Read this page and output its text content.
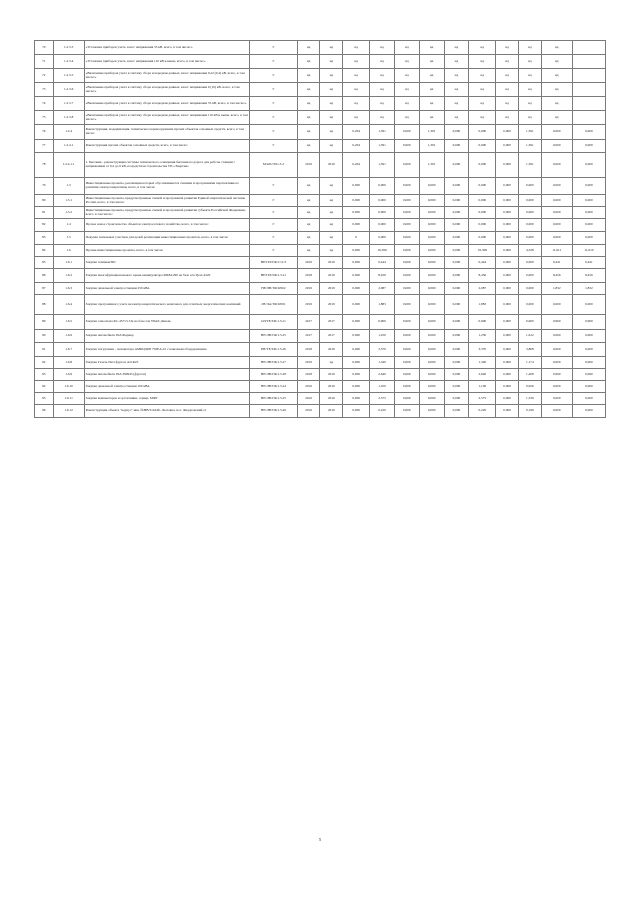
70	1.2.3.3	«Установка приборов учета, класс напряжения 35 кВ, всего, в том числе:»	Г	нд	нд	нд	нд	нд	нд	нд	нд	нд	нд	нд	
71	1.2.3.4	«Установка приборов учета, класс напряжения 110 кВ и выше, всего, в том числе:»	Г	нд	нд	нд	нд	нд	нд	нд	нд	нд	нд	нд	
72	1.2.3.5	«Включение приборов учета в систему сбора и передачи данных, класс напряжения 0,22 (0,4) кВ, всего, в том числе:»	Г	нд	нд	нд	нд	нд	нд	нд	нд	нд	нд	нд	
73	1.2.3.6	«Включение приборов учета в систему сбора и передачи данных, класс напряжения 6 (10) кВ, всего, в том числе:»	Г	нд	нд	нд	нд	нд	нд	нд	нд	нд	нд	нд	
74	1.2.3.7	«Включение приборов учета в систему сбора и передачи данных, класс напряжения 35 кВ, всего, в том числе:»	Г	нд	нд	нд	нд	нд	нд	нд	нд	нд	нд	нд	
75	1.2.3.8	«Включение приборов учета в систему сбора и передачи данных, класс напряжения 110 кВ и выше, всего, в том числе:»	Г	нд	нд	нд	нд	нд	нд	нд	нд	нд	нд	нд	
76	1.2.4	Реконструкция, модернизация, техническое перевооружение прочих объектов основных средств, всего, в том числе:	Г	нд	нд	0,204	1,391	0,000	1,391	0,000	0,000	0,000	1,391	0,000	0,000
77	1.2.4.1	Реконструкция прочих объектов основных средств, всего, в том числе:	Г	нд	нд	0,204	1,391	0,000	1,391	0,000	0,000	0,000	1,391	0,000	0,000
78	1.2.4.1.1	1. Бытовки - реконструкция системы технического освещения бытовки на дороге для работы станции с напряжением от 0,4 до 6 кВ, посредством строительства ТП «Энергия»	М/ОЛ/ЭО1.3.2	2019	2019	0,204	1,391	0,000	1,391	0,000	0,000	0,000	1,391	0,000	0,000
79	1.3	Инвестиционные проекты, реализация которых обуславливается схемами и программами перспективного развития электроэнергетики, всего, в том числе:	Г	нд	нд	0,000	0,000	0,000	0,000	0,000	0,000	0,000	0,000	0,000	0,000
80	1.3.1	Инвестиционные проекты, предусмотренные схемой и программой развития Единой энергетической системы России, всего, в том числе:	Г	нд	нд	0,000	0,000	0,000	0,000	0,000	0,000	0,000	0,000	0,000	0,000
81	1.3.2	Инвестиционные проекты, предусмотренные схемой и программой развития субъекта Российской Федерации, всего, в том числе:	Г	нд	нд	0,000	0,000	0,000	0,000	0,000	0,000	0,000	0,000	0,000	0,000
82	1.4	Прочее новое строительство объектов электросетевого хозяйства, всего, в том числе:	Г	нд	нд	0,000	0,000	0,000	0,000	0,000	0,000	0,000	0,000	0,000	0,000
83	1.5	Покупка земельных участков для целей реализации инвестиционных проектов, всего, в том числе:	Г	нд	нд	0	0,000	0,000	0,000	0,000	0,000	0,000	0,000	0,000	0,000
84	1.6	Прочие инвестиционные проекты, всего, в том числе:	Г	нд	нд	0,000	16,399	0,000	0,000	0,000	16,399	0,000	4,328	11,611	11,610
85	1.6.1	Закупка техники/ПО	НЕ/ПЛ/ТФ/1/11/3	2019	2019	0,000	0,444	0,000	0,000	0,000	0,444	0,000	0,000	0,441	0,441
86	1.6.2	Закупка многофункционального крана-манипулятора МКМ-290 на базе а/м Урал-4320	НЕ/ПЛ/ТФ/1.5.21	2018	2019	0,000	8,456	0,000	0,000	0,000	8,456	0,000	0,000	8,456	8,456
87	1.6.3	Закупка дизельной электростанции 250 кВА	НЕ/ЛВ/ТФ/0/002	2019	2019	0,000	2,087	0,000	0,000	0,000	2,087	0,000	0,000	1,832	1,832
88	1.6.4	Закупка программного учета неэлектроэнергетического комплекса для отчетных энергетических компаний	ЛЕ/ЛА/ТФ/0/001	2019	2019	0,000	1,883	0,000	0,000	0,000	1,883	0,000	0,000	0,000	0,000
89	1.6.5	Закупка самосвала КС-45713-3 К на базе а/м УРАЛ-Дизель	ОЛ/ТЕ/ТФ/1.5.21	2017	2017	0,000	0,900	0,000	0,000	0,000	0,900	0,000	0,000	0,900	0,900
90	1.6.6	Закупка автомобиля УАЗ-Фермер	НЕ/ЛВ/ТФ/1.5.25	2017	2017	0,000	1,250	0,000	0,000	0,000	1,250	0,000	1,612	0,000	0,000
91	1.6.7	Закупка погрузчика - экскаватора АМКОДОР 702ЕА-01 с навесным оборудованием	НЕ/ТЕ/ТФ/1.5.26	2018	2019	0,000	3,370	0,000	0,000	0,000	3,370	0,000	3,808	0,000	0,000
92	1.6.8	Закупка Газель Next фургон А21R23	НЕ/ЛВ/ТФ/1.5.27	2019	нд	0,000	1,340	0,000	0,000	0,000	1,340	0,000	1,174	0,000	0,000
93	1.6.9	Закупка автомобиля УАЗ-390945 (фургон)	НЕ/ЛВ/ТФ/1.5.28	2018	2019	0,000	2,640	0,000	0,000	0,000	2,640	0,000	1,408	0,990	0,990
94	1.6.10	Закупка дизельной электростанции 100 кВА	НЕ/ЛВ/ТФ/1.5.24	2016	2016	0,000	1,100	0,000	0,000	0,000	1,100	0,000	0,926	0,000	0,000
95	1.6.11	Закупка компьютеров и оргтехники, сервер, МФУ	НЕ/ЛВ/ТФ/1.5.25	2016	2016	0,000	2,575	0,000	0,000	0,000	2,575	0,000	1,339	0,000	0,000
96	1.6.12	Реконструкция объекта "корпус" инв. №НВ/314449 - Бытовка, пос. Федоровский,11	НЕ/ЛВ/ТФ/1.5.26	2016	2016	0,000	0,220	0,000	0,000	0,000	0,220	0,000	0,190	0,000	0,000
5
